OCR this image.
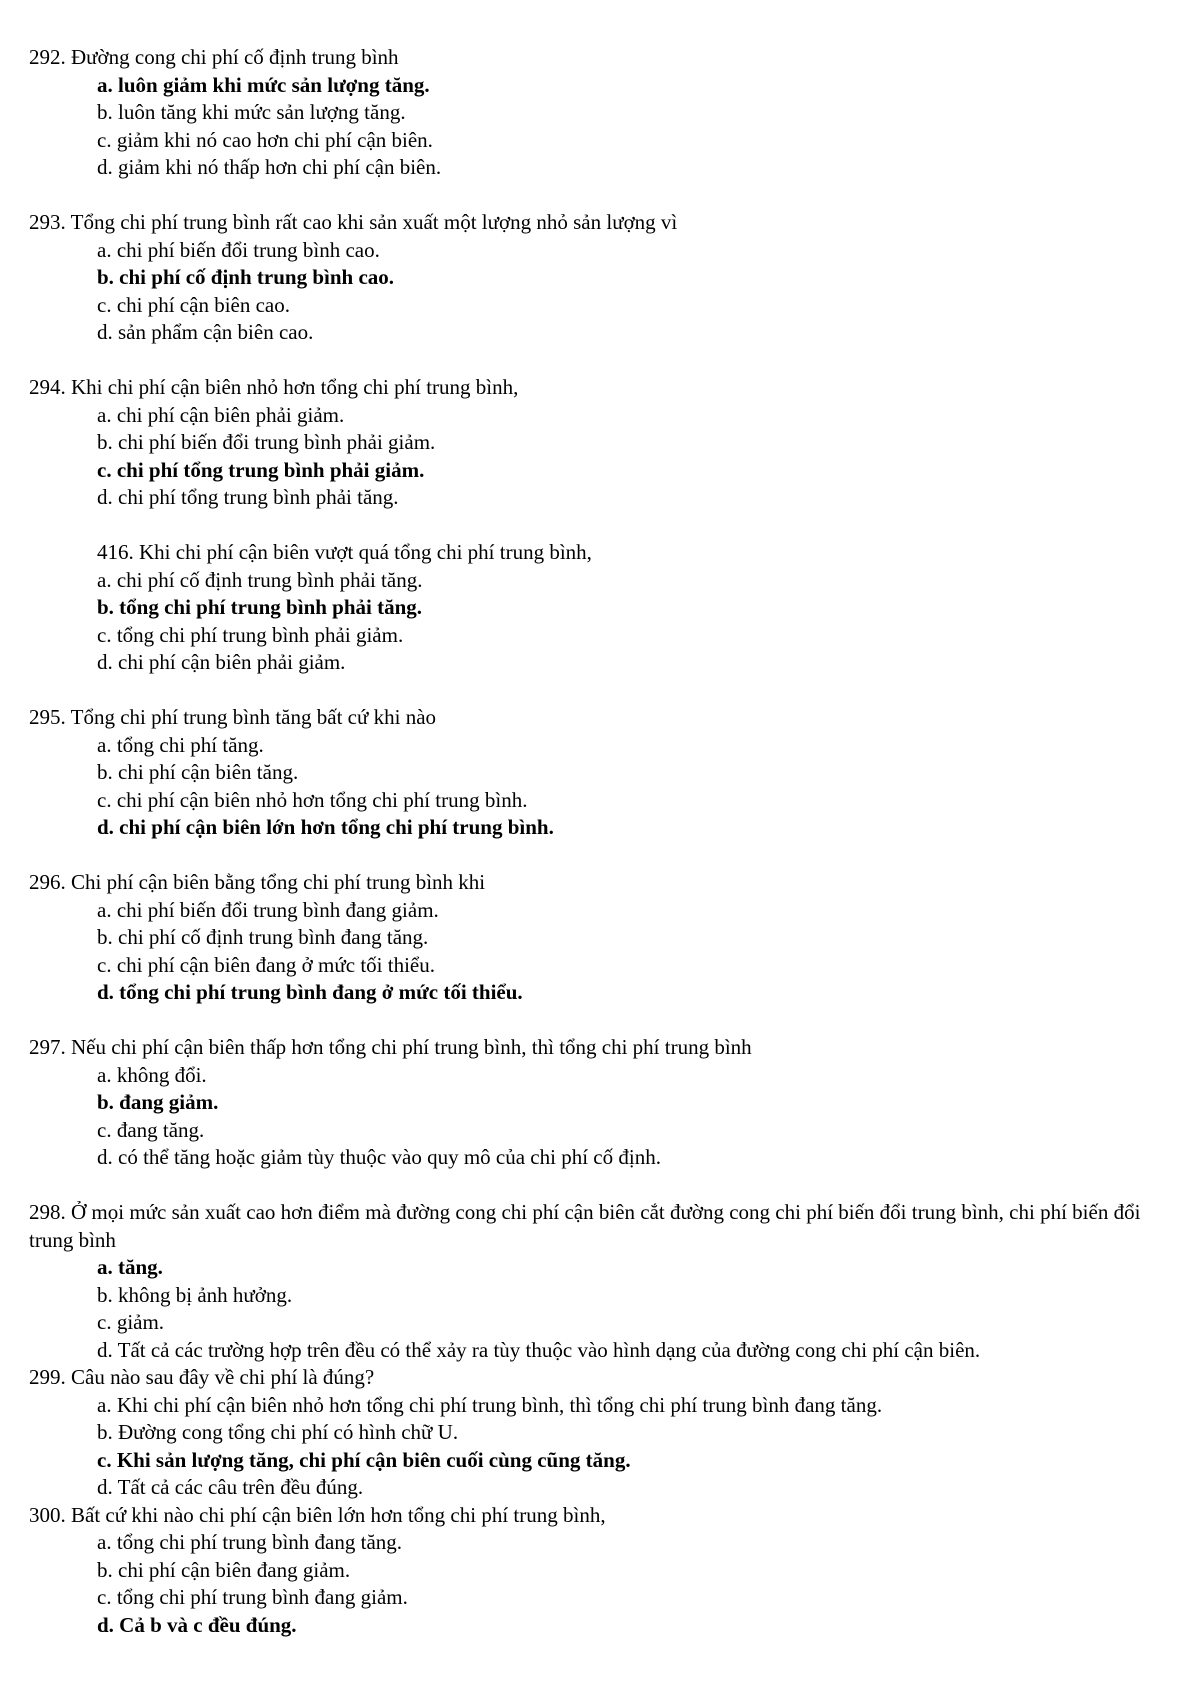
292. Đường cong chi phí cố định trung bình
a. luôn giảm khi mức sản lượng tăng.
b. luôn tăng khi mức sản lượng tăng.
c. giảm khi nó cao hơn chi phí cận biên.
d. giảm khi nó thấp hơn chi phí cận biên.
293. Tổng chi phí trung bình rất cao khi sản xuất một lượng nhỏ sản lượng vì
a. chi phí biến đổi trung bình cao.
b. chi phí cố định trung bình cao.
c. chi phí cận biên cao.
d. sản phẩm cận biên cao.
294. Khi chi phí cận biên nhỏ hơn tổng chi phí trung bình,
a. chi phí cận biên phải giảm.
b. chi phí biến đổi trung bình phải giảm.
c. chi phí tổng trung bình phải giảm.
d. chi phí tổng trung bình phải tăng.
416. Khi chi phí cận biên vượt quá tổng chi phí trung bình,
a. chi phí cố định trung bình phải tăng.
b. tổng chi phí trung bình phải tăng.
c. tổng chi phí trung bình phải giảm.
d. chi phí cận biên phải giảm.
295. Tổng chi phí trung bình tăng bất cứ khi nào
a. tổng chi phí tăng.
b. chi phí cận biên tăng.
c. chi phí cận biên nhỏ hơn tổng chi phí trung bình.
d. chi phí cận biên lớn hơn tổng chi phí trung bình.
296. Chi phí cận biên bằng tổng chi phí trung bình khi
a. chi phí biến đổi trung bình đang giảm.
b. chi phí cố định trung bình đang tăng.
c. chi phí cận biên đang ở mức tối thiểu.
d. tổng chi phí trung bình đang ở mức tối thiểu.
297. Nếu chi phí cận biên thấp hơn tổng chi phí trung bình, thì tổng chi phí trung bình
a. không đổi.
b. đang giảm.
c. đang tăng.
d. có thể tăng hoặc giảm tùy thuộc vào quy mô của chi phí cố định.
298. Ở mọi mức sản xuất cao hơn điểm mà đường cong chi phí cận biên cắt đường cong chi phí biến đổi trung bình, chi phí biến đổi trung bình
a. tăng.
b. không bị ảnh hưởng.
c. giảm.
d. Tất cả các trường hợp trên đều có thể xảy ra tùy thuộc vào hình dạng của đường cong chi phí cận biên.
299. Câu nào sau đây về chi phí là đúng?
a. Khi chi phí cận biên nhỏ hơn tổng chi phí trung bình, thì tổng chi phí trung bình đang tăng.
b. Đường cong tổng chi phí có hình chữ U.
c. Khi sản lượng tăng, chi phí cận biên cuối cùng cũng tăng.
d. Tất cả các câu trên đều đúng.
300. Bất cứ khi nào chi phí cận biên lớn hơn tổng chi phí trung bình,
a. tổng chi phí trung bình đang tăng.
b. chi phí cận biên đang giảm.
c. tổng chi phí trung bình đang giảm.
d. Cả b và c đều đúng.
